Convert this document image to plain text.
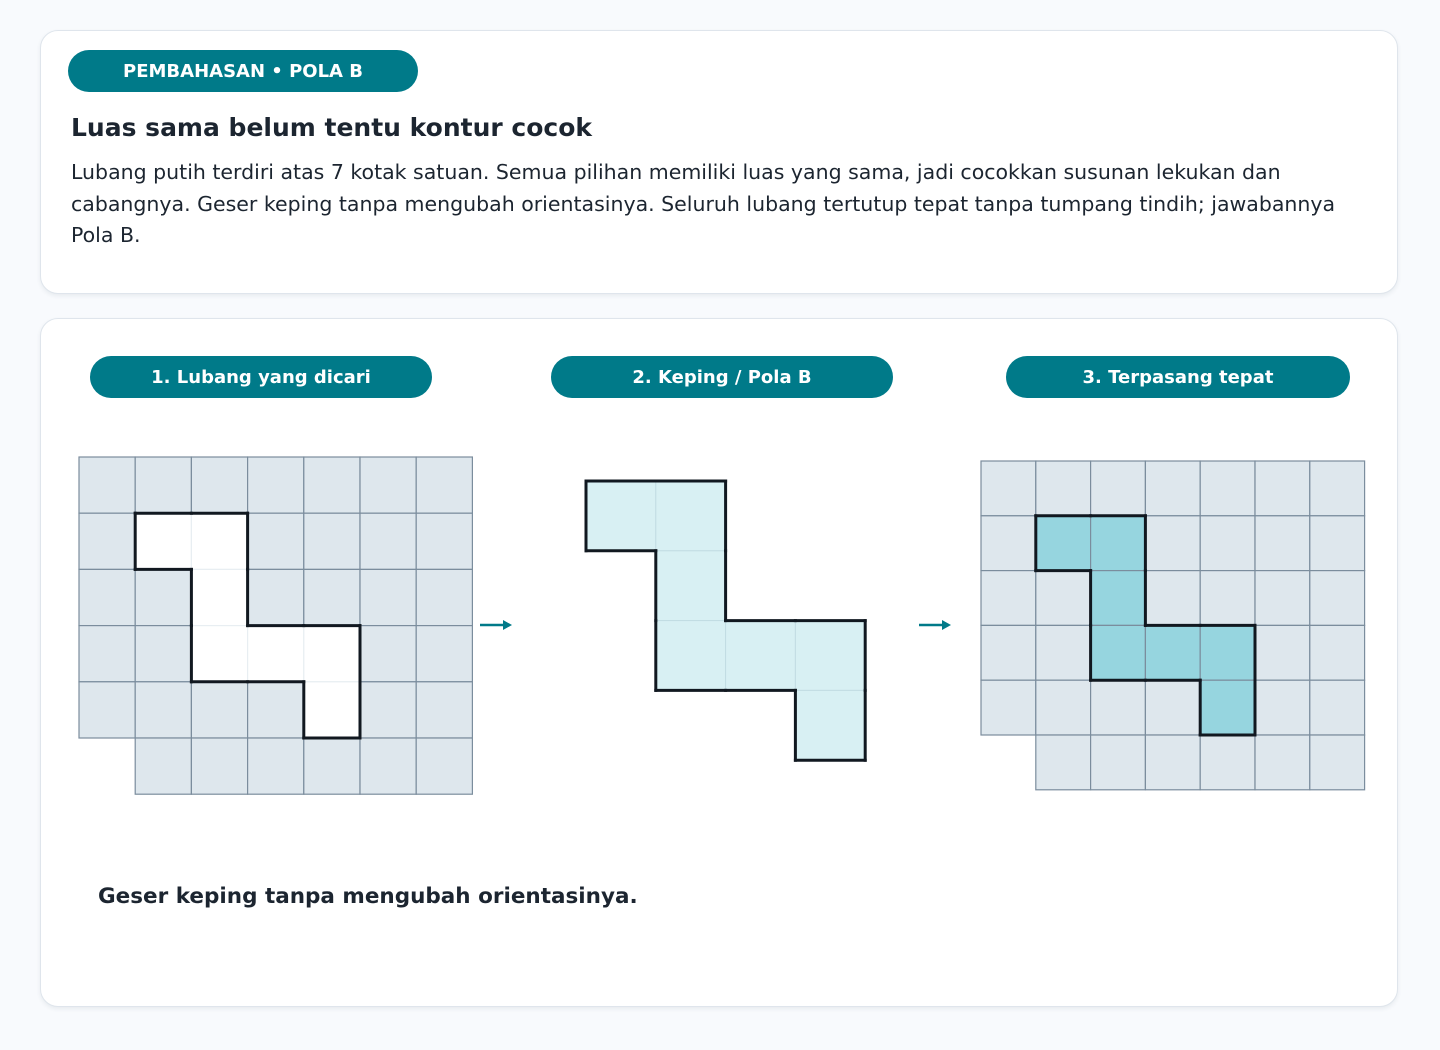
PEMBAHASAN • POLA B
Luas sama belum tentu kontur cocok

Lubang putih terdiri atas 7 kotak satuan. Semua pilihan memiliki luas yang sama, jadi cocokkan susunan lekukan dan cabangnya. Geser keping tanpa mengubah orientasinya. Seluruh lubang tertutup tepat tanpa tumpang tindih; jawabannya Pola B.

1. Lubang yang dicari	2. Keping / Pola B	3. Terpasang tepat

Geser keping tanpa mengubah orientasinya.
